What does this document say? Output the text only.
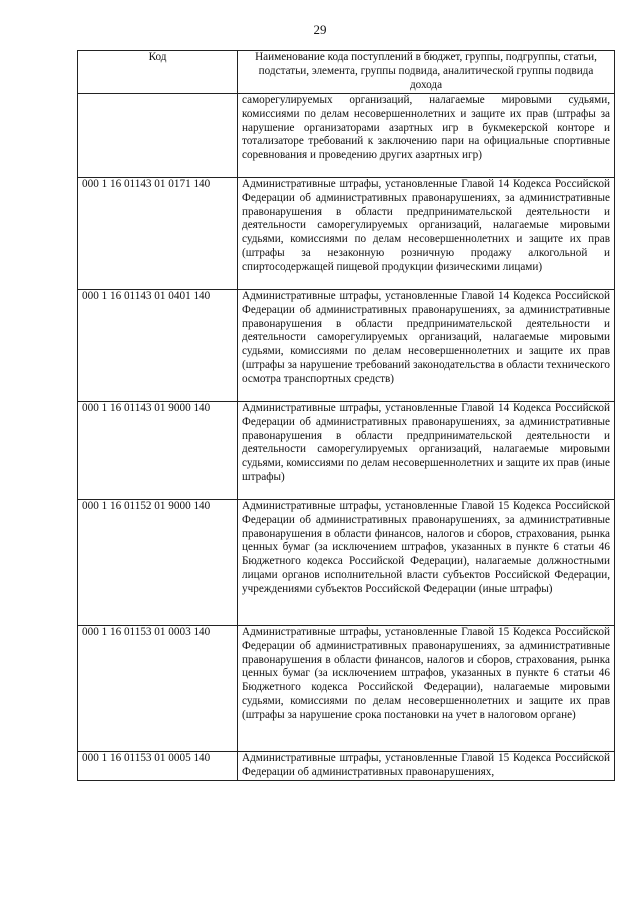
29
Код	Наименование кода поступлений в бюджет, группы, подгруппы, статьи, подстатьи, элемента, группы подвида, аналитической группы подвида дохода
	саморегулируемых организаций, налагаемые мировыми судьями, комиссиями по делам несовершеннолетних и защите их прав (штрафы за нарушение организаторами азартных игр в букмекерской конторе и тотализаторе требований к заключению пари на официальные спортивные соревнования и проведению других азартных игр)
000 1 16 01143 01 0171 140	Административные штрафы, установленные Главой 14 Кодекса Российской Федерации об административных правонарушениях, за административные правонарушения в области предпринимательской деятельности и деятельности саморегулируемых организаций, налагаемые мировыми судьями, комиссиями по делам несовершеннолетних и защите их прав (штрафы за незаконную розничную продажу алкогольной и спиртосодержащей пищевой продукции физическими лицами)
000 1 16 01143 01 0401 140	Административные штрафы, установленные Главой 14 Кодекса Российской Федерации об административных правонарушениях, за административные правонарушения в области предпринимательской деятельности и деятельности саморегулируемых организаций, налагаемые мировыми судьями, комиссиями по делам несовершеннолетних и защите их прав (штрафы за нарушение требований законодательства в области технического осмотра транспортных средств)
000 1 16 01143 01 9000 140	Административные штрафы, установленные Главой 14 Кодекса Российской Федерации об административных правонарушениях, за административные правонарушения в области предпринимательской деятельности и деятельности саморегулируемых организаций, налагаемые мировыми судьями, комиссиями по делам несовершеннолетних и защите их прав (иные штрафы)
000 1 16 01152 01 9000 140	Административные штрафы, установленные Главой 15 Кодекса Российской Федерации об административных правонарушениях, за административные правонарушения в области финансов, налогов и сборов, страхования, рынка ценных бумаг (за исключением штрафов, указанных в пункте 6 статьи 46 Бюджетного кодекса Российской Федерации), налагаемые должностными лицами органов исполнительной власти субъектов Российской Федерации, учреждениями субъектов Российской Федерации (иные штрафы)
000 1 16 01153 01 0003 140	Административные штрафы, установленные Главой 15 Кодекса Российской Федерации об административных правонарушениях, за административные правонарушения в области финансов, налогов и сборов, страхования, рынка ценных бумаг (за исключением штрафов, указанных в пункте 6 статьи 46 Бюджетного кодекса Российской Федерации), налагаемые мировыми судьями, комиссиями по делам несовершеннолетних и защите их прав (штрафы за нарушение срока постановки на учет в налоговом органе)
000 1 16 01153 01 0005 140	Административные штрафы, установленные Главой 15 Кодекса Российской Федерации об административных правонарушениях,
